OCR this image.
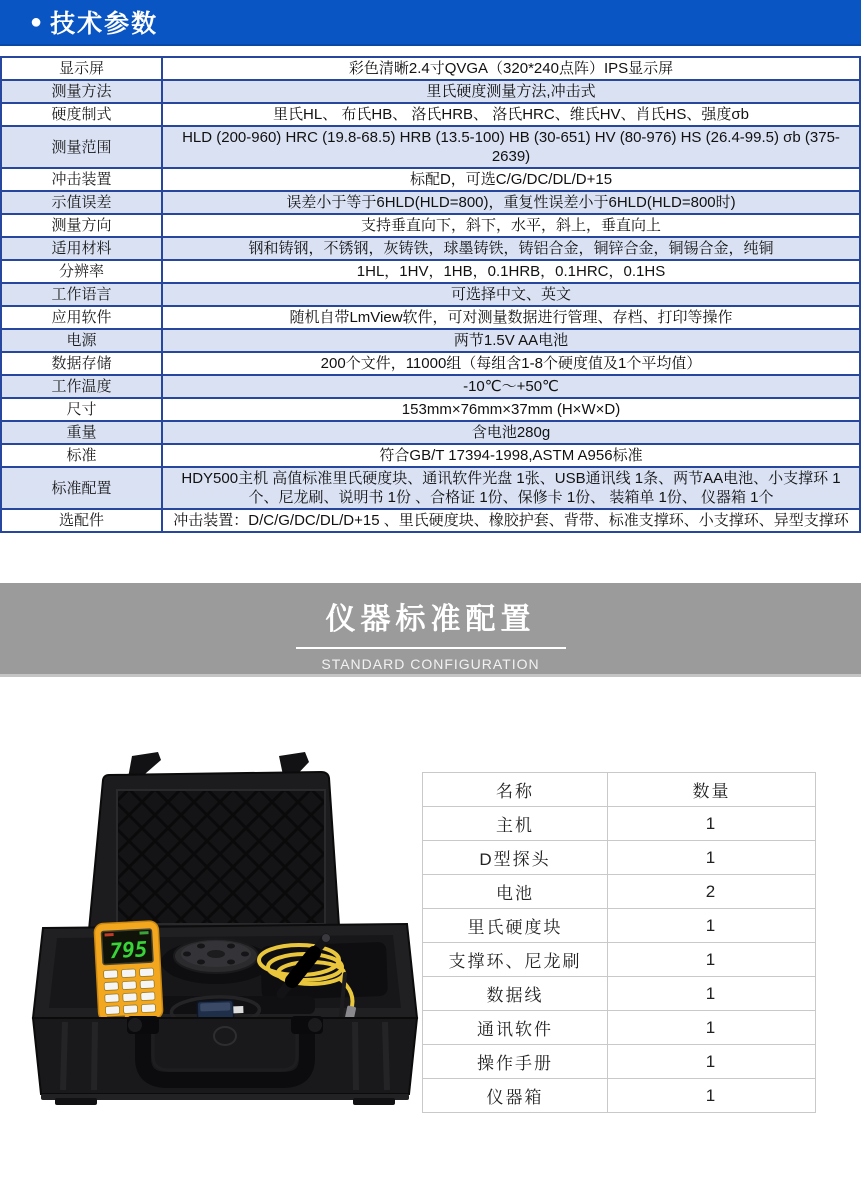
● 技术参数
显示屏	彩色清晰2.4寸QVGA（320*240点阵）IPS显示屏
测量方法	里氏硬度测量方法,冲击式
硬度制式	里氏HL、 布氏HB、 洛氏HRB、 洛氏HRC、维氏HV、肖氏HS、强度σb
测量范围	HLD (200-960) HRC (19.8-68.5) HRB (13.5-100) HB (30-651) HV (80-976) HS (26.4-99.5) σb (375-2639)
冲击装置	标配D，可选C/G/DC/DL/D+15
示值误差	误差小于等于6HLD(HLD=800)，重复性误差小于6HLD(HLD=800时)
测量方向	支持垂直向下，斜下，水平，斜上，垂直向上
适用材料	钢和铸钢，不锈钢，灰铸铁，球墨铸铁，铸铝合金，铜锌合金，铜锡合金，纯铜
分辨率	1HL，1HV，1HB，0.1HRB，0.1HRC，0.1HS
工作语言	可选择中文、英文
应用软件	随机自带LmView软件，可对测量数据进行管理、存档、打印等操作
电源	两节1.5V AA电池
数据存储	200个文件，11000组（每组含1-8个硬度值及1个平均值）
工作温度	-10℃～+50℃
尺寸	153mm×76mm×37mm (H×W×D)
重量	含电池280g
标准	符合GB/T 17394-1998,ASTM A956标准
标准配置	HDY500主机 高值标准里氏硬度块、通讯软件光盘 1张、USB通讯线 1条、两节AA电池、小支撑环 1个、尼龙刷、说明书 1份 、合格证 1份、保修卡 1份、 装箱单 1份、 仪器箱 1个
选配件	冲击装置：D/C/G/DC/DL/D+15 、里氏硬度块、橡胶护套、背带、标准支撑环、小支撑环、异型支撑环
仪器标准配置
STANDARD CONFIGURATION
795
名称	数量
主机	1
D型探头	1
电池	2
里氏硬度块	1
支撑环、尼龙刷	1
数据线	1
通讯软件	1
操作手册	1
仪器箱	1
